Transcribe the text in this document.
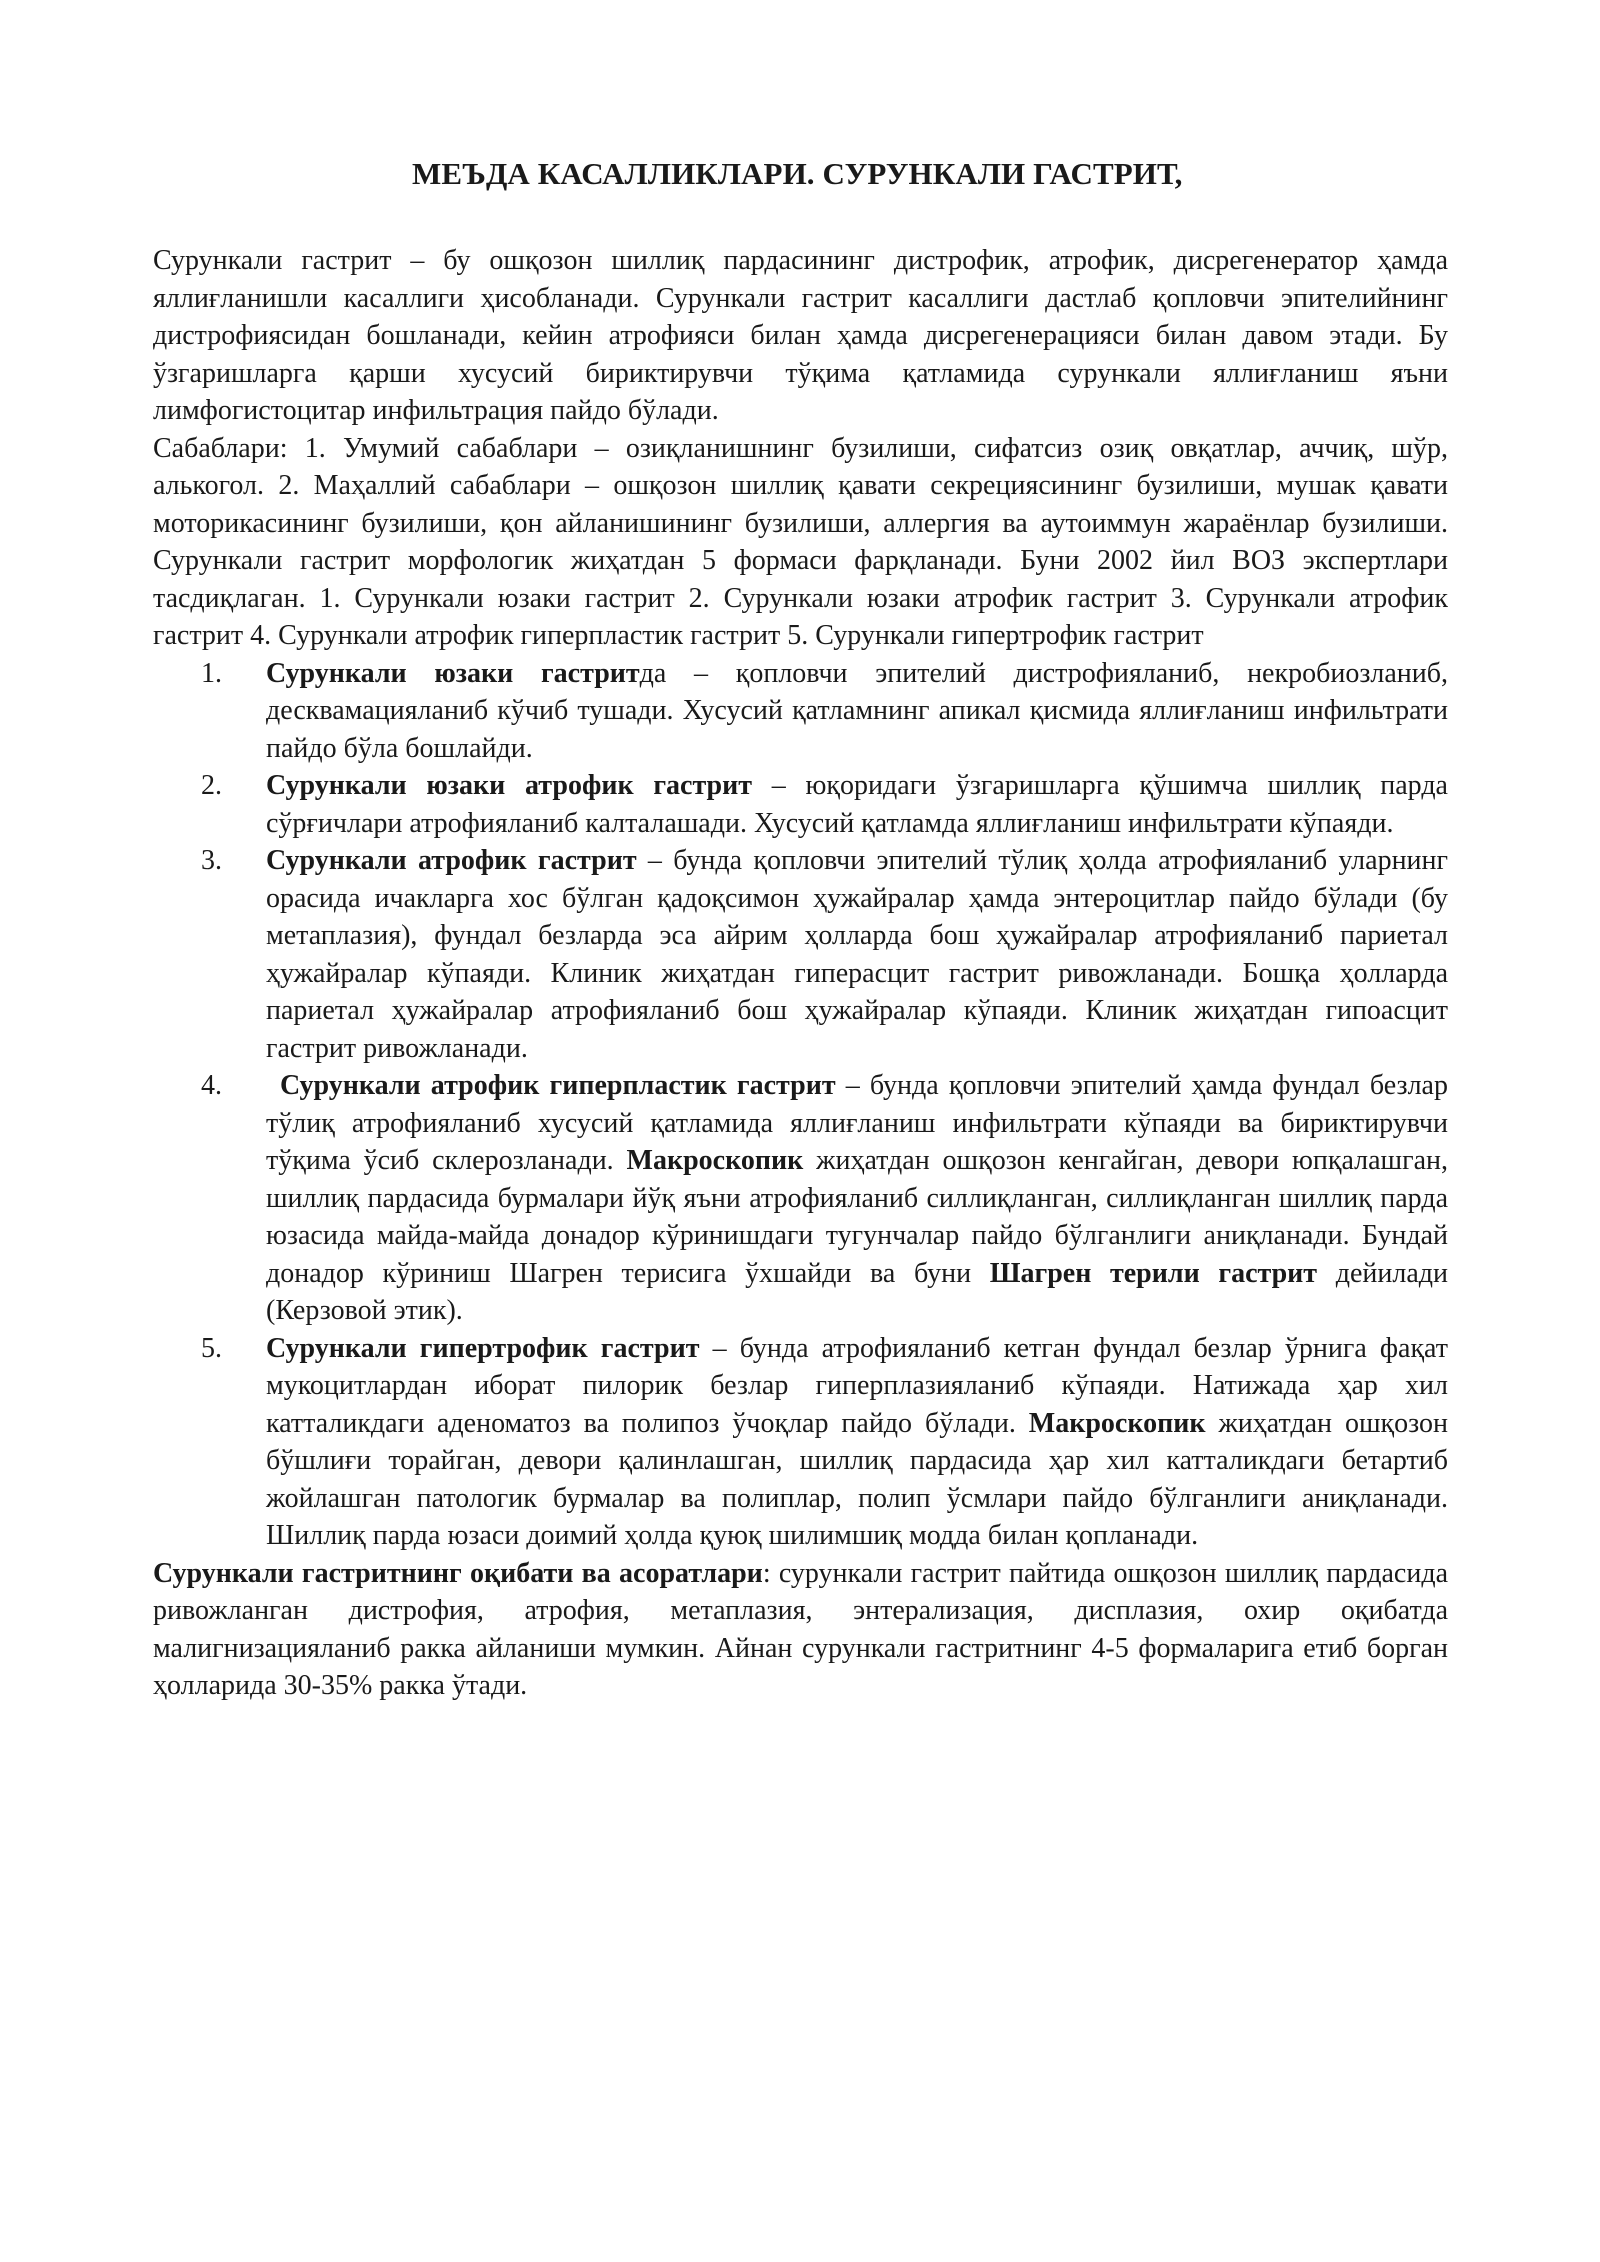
МЕЪДА КАСАЛЛИКЛАРИ. СУРУНКАЛИ ГАСТРИТ,

Сурункали гастрит – бу ошқозон шиллиқ пардасининг дистрофик, атрофик, дисрегенератор ҳамда яллиғланишли касаллиги ҳисобланади. Сурункали гастрит касаллиги дастлаб қопловчи эпителийнинг дистрофиясидан бошланади, кейин атрофияси билан ҳамда дисрегенерацияси билан давом этади. Бу ўзгаришларга қарши хусусий бириктирувчи тўқима қатламида сурункали яллиғланиш яъни лимфогистоцитар инфильтрация пайдо бўлади.

Сабаблари: 1. Умумий сабаблари – озиқланишнинг бузилиши, сифатсиз озиқ овқатлар, аччиқ, шўр, алькогол. 2. Маҳаллий сабаблари – ошқозон шиллиқ қавати секрециясининг бузилиши, мушак қавати моторикасининг бузилиши, қон айланишининг бузилиши, аллергия ва аутоиммун жараёнлар бузилиши. Сурункали гастрит морфологик жиҳатдан 5 формаси фарқланади. Буни 2002 йил ВОЗ экспертлари тасдиқлаган. 1. Сурункали юзаки гастрит 2. Сурункали юзаки атрофик гастрит 3. Сурункали атрофик гастрит 4. Сурункали атрофик гиперпластик гастрит 5. Сурункали гипертрофик гастрит

1. Сурункали юзаки гастритда – қопловчи эпителий дистрофияланиб, некробиозланиб, десквамацияланиб кўчиб тушади. Хусусий қатламнинг апикал қисмида яллиғланиш инфильтрати пайдо бўла бошлайди.
2. Сурункали юзаки атрофик гастрит – юқоридаги ўзгаришларга қўшимча шиллиқ парда сўрғичлари атрофияланиб калталашади. Хусусий қатламда яллиғланиш инфильтрати кўпаяди.
3. Сурункали атрофик гастрит – бунда қопловчи эпителий тўлиқ ҳолда атрофияланиб уларнинг орасида ичакларга хос бўлган қадоқсимон ҳужайралар ҳамда энтероцитлар пайдо бўлади (бу метаплазия), фундал безларда эса айрим ҳолларда бош ҳужайралар атрофияланиб париетал ҳужайралар кўпаяди. Клиник жиҳатдан гиперасцит гастрит ривожланади. Бошқа ҳолларда париетал ҳужайралар атрофияланиб бош ҳужайралар кўпаяди. Клиник жиҳатдан гипоасцит гастрит ривожланади.
4.	Сурункали атрофик гиперпластик гастрит – бунда қопловчи эпителий ҳамда фундал безлар тўлиқ атрофияланиб хусусий қатламида яллиғланиш инфильтрати кўпаяди ва бириктирувчи тўқима ўсиб склерозланади. Макроскопик жиҳатдан ошқозон кенгайган, девори юпқалашган, шиллиқ пардасида бурмалари йўқ яъни атрофияланиб силлиқланган, силлиқланган шиллиқ парда юзасида майда-майда донадор кўринишдаги тугунчалар пайдо бўлганлиги аниқланади. Бундай донадор кўриниш Шагрен терисига ўхшайди ва буни Шагрен терили гастрит дейилади (Керзовой этик).
5. Сурункали гипертрофик гастрит – бунда атрофияланиб кетган фундал безлар ўрнига фақат мукоцитлардан иборат пилорик безлар гиперплазияланиб кўпаяди. Натижада ҳар хил катталикдаги аденоматоз ва полипоз ўчоқлар пайдо бўлади. Макроскопик жиҳатдан ошқозон бўшлиғи торайган, девори қалинлашган, шиллиқ пардасида ҳар хил катталикдаги бетартиб жойлашган патологик бурмалар ва полиплар, полип ўсмлари пайдо бўлганлиги аниқланади. Шиллиқ парда юзаси доимий ҳолда қуюқ шилимшиқ модда билан қопланади.

Сурункали гастритнинг оқибати ва асоратлари: сурункали гастрит пайтида ошқозон шиллиқ пардасида ривожланган дистрофия, атрофия, метаплазия, энтерализация, дисплазия, охир оқибатда малигнизацияланиб ракка айланиши мумкин. Айнан сурункали гастритнинг 4-5 формаларига етиб борган ҳолларида 30-35% ракка ўтади.
